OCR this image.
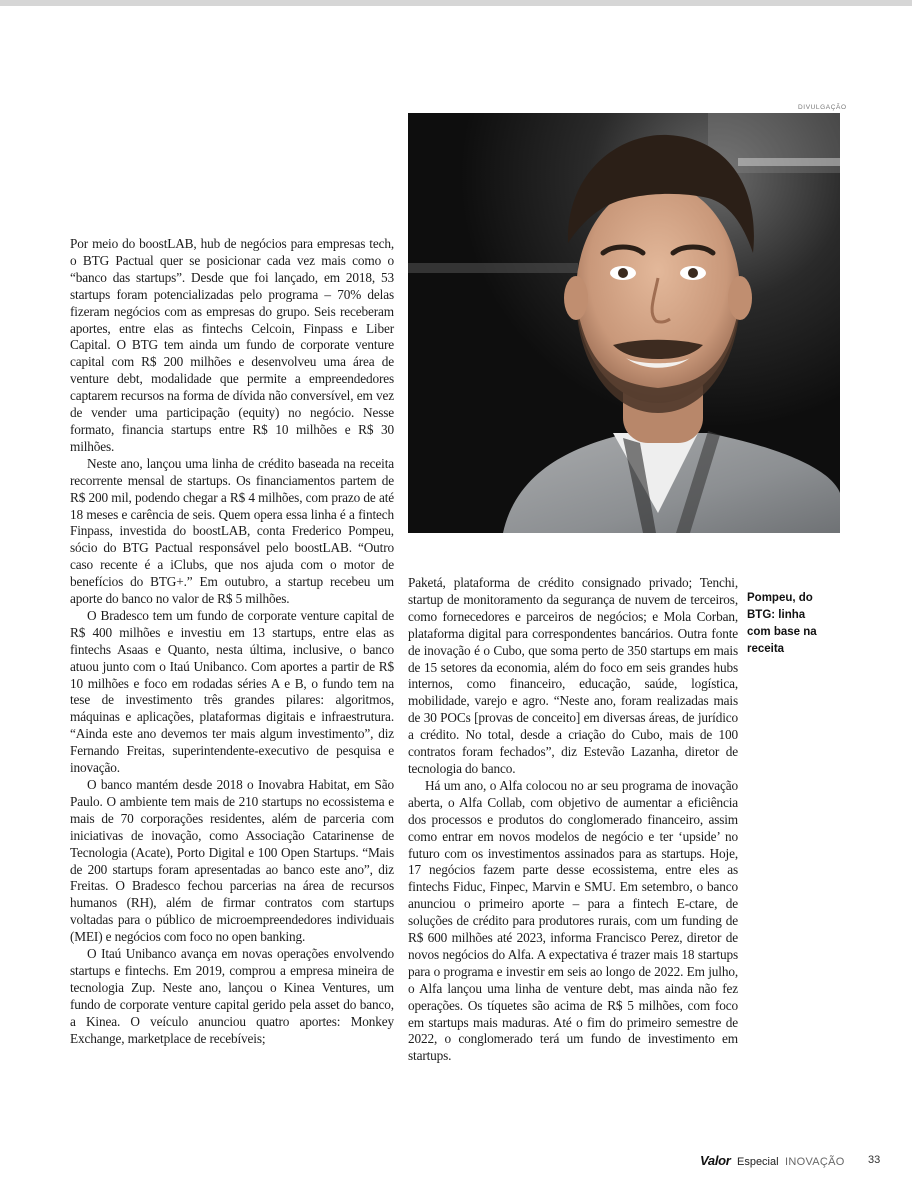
DIVULGAÇÃO
Pompeu, do BTG: linha com base na receita

Por meio do boostLAB, hub de negócios para empresas tech, o BTG Pactual quer se posicionar cada vez mais como o “banco das startups”. Desde que foi lançado, em 2018, 53 startups foram potencializadas pelo programa – 70% delas fizeram negócios com as empresas do grupo. Seis receberam aportes, entre elas as fintechs Celcoin, Finpass e Liber Capital. O BTG tem ainda um fundo de corporate venture capital com R$ 200 milhões e desenvolveu uma área de venture debt, modalidade que permite a empreendedores captarem recursos na forma de dívida não conversível, em vez de vender uma participação (equity) no negócio. Nesse formato, financia startups entre R$ 10 milhões e R$ 30 milhões.

Neste ano, lançou uma linha de crédito baseada na receita recorrente mensal de startups. Os financiamentos partem de R$ 200 mil, podendo chegar a R$ 4 milhões, com prazo de até 18 meses e carência de seis. Quem opera essa linha é a fintech Finpass, investida do boostLAB, conta Frederico Pompeu, sócio do BTG Pactual responsável pelo boostLAB. “Outro caso recente é a iClubs, que nos ajuda com o motor de benefícios do BTG+.” Em outubro, a startup recebeu um aporte do banco no valor de R$ 5 milhões.

O Bradesco tem um fundo de corporate venture capital de R$ 400 milhões e investiu em 13 startups, entre elas as fintechs Asaas e Quanto, nesta última, inclusive, o banco atuou junto com o Itaú Unibanco. Com aportes a partir de R$ 10 milhões e foco em rodadas séries A e B, o fundo tem na tese de investimento três grandes pilares: algoritmos, máquinas e aplicações, plataformas digitais e infraestrutura. “Ainda este ano devemos ter mais algum investimento”, diz Fernando Freitas, superintendente-executivo de pesquisa e inovação.

O banco mantém desde 2018 o Inovabra Habitat, em São Paulo. O ambiente tem mais de 210 startups no ecossistema e mais de 70 corporações residentes, além de parceria com iniciativas de inovação, como Associação Catarinense de Tecnologia (Acate), Porto Digital e 100 Open Startups. “Mais de 200 startups foram apresentadas ao banco este ano”, diz Freitas. O Bradesco fechou parcerias na área de recursos humanos (RH), além de firmar contratos com startups voltadas para o público de microempreendedores individuais (MEI) e negócios com foco no open banking.

O Itaú Unibanco avança em novas operações envolvendo startups e fintechs. Em 2019, comprou a empresa mineira de tecnologia Zup. Neste ano, lançou o Kinea Ventures, um fundo de corporate venture capital gerido pela asset do banco, a Kinea. O veículo anunciou quatro aportes: Monkey Exchange, marketplace de recebíveis;

Paketá, plataforma de crédito consignado privado; Tenchi, startup de monitoramento da segurança de nuvem de terceiros, como fornecedores e parceiros de negócios; e Mola Corban, plataforma digital para correspondentes bancários. Outra fonte de inovação é o Cubo, que soma perto de 350 startups em mais de 15 setores da economia, além do foco em seis grandes hubs internos, como financeiro, educação, saúde, logística, mobilidade, varejo e agro. “Neste ano, foram realizadas mais de 30 POCs [provas de conceito] em diversas áreas, de jurídico a crédito. No total, desde a criação do Cubo, mais de 100 contratos foram fechados”, diz Estevão Lazanha, diretor de tecnologia do banco.

Há um ano, o Alfa colocou no ar seu programa de inovação aberta, o Alfa Collab, com objetivo de aumentar a eficiência dos processos e produtos do conglomerado financeiro, assim como entrar em novos modelos de negócio e ter ‘upside’ no futuro com os investimentos assinados para as startups. Hoje, 17 negócios fazem parte desse ecossistema, entre eles as fintechs Fiduc, Finpec, Marvin e SMU. Em setembro, o banco anunciou o primeiro aporte – para a fintech E-ctare, de soluções de crédito para produtores rurais, com um funding de R$ 600 milhões até 2023, informa Francisco Perez, diretor de novos negócios do Alfa. A expectativa é trazer mais 18 startups para o programa e investir em seis ao longo de 2022. Em julho, o Alfa lançou uma linha de venture debt, mas ainda não fez operações. Os tíquetes são acima de R$ 5 milhões, com foco em startups mais maduras. Até o fim do primeiro semestre de 2022, o conglomerado terá um fundo de investimento em startups.

Valor Especial INOVAÇÃO 33
